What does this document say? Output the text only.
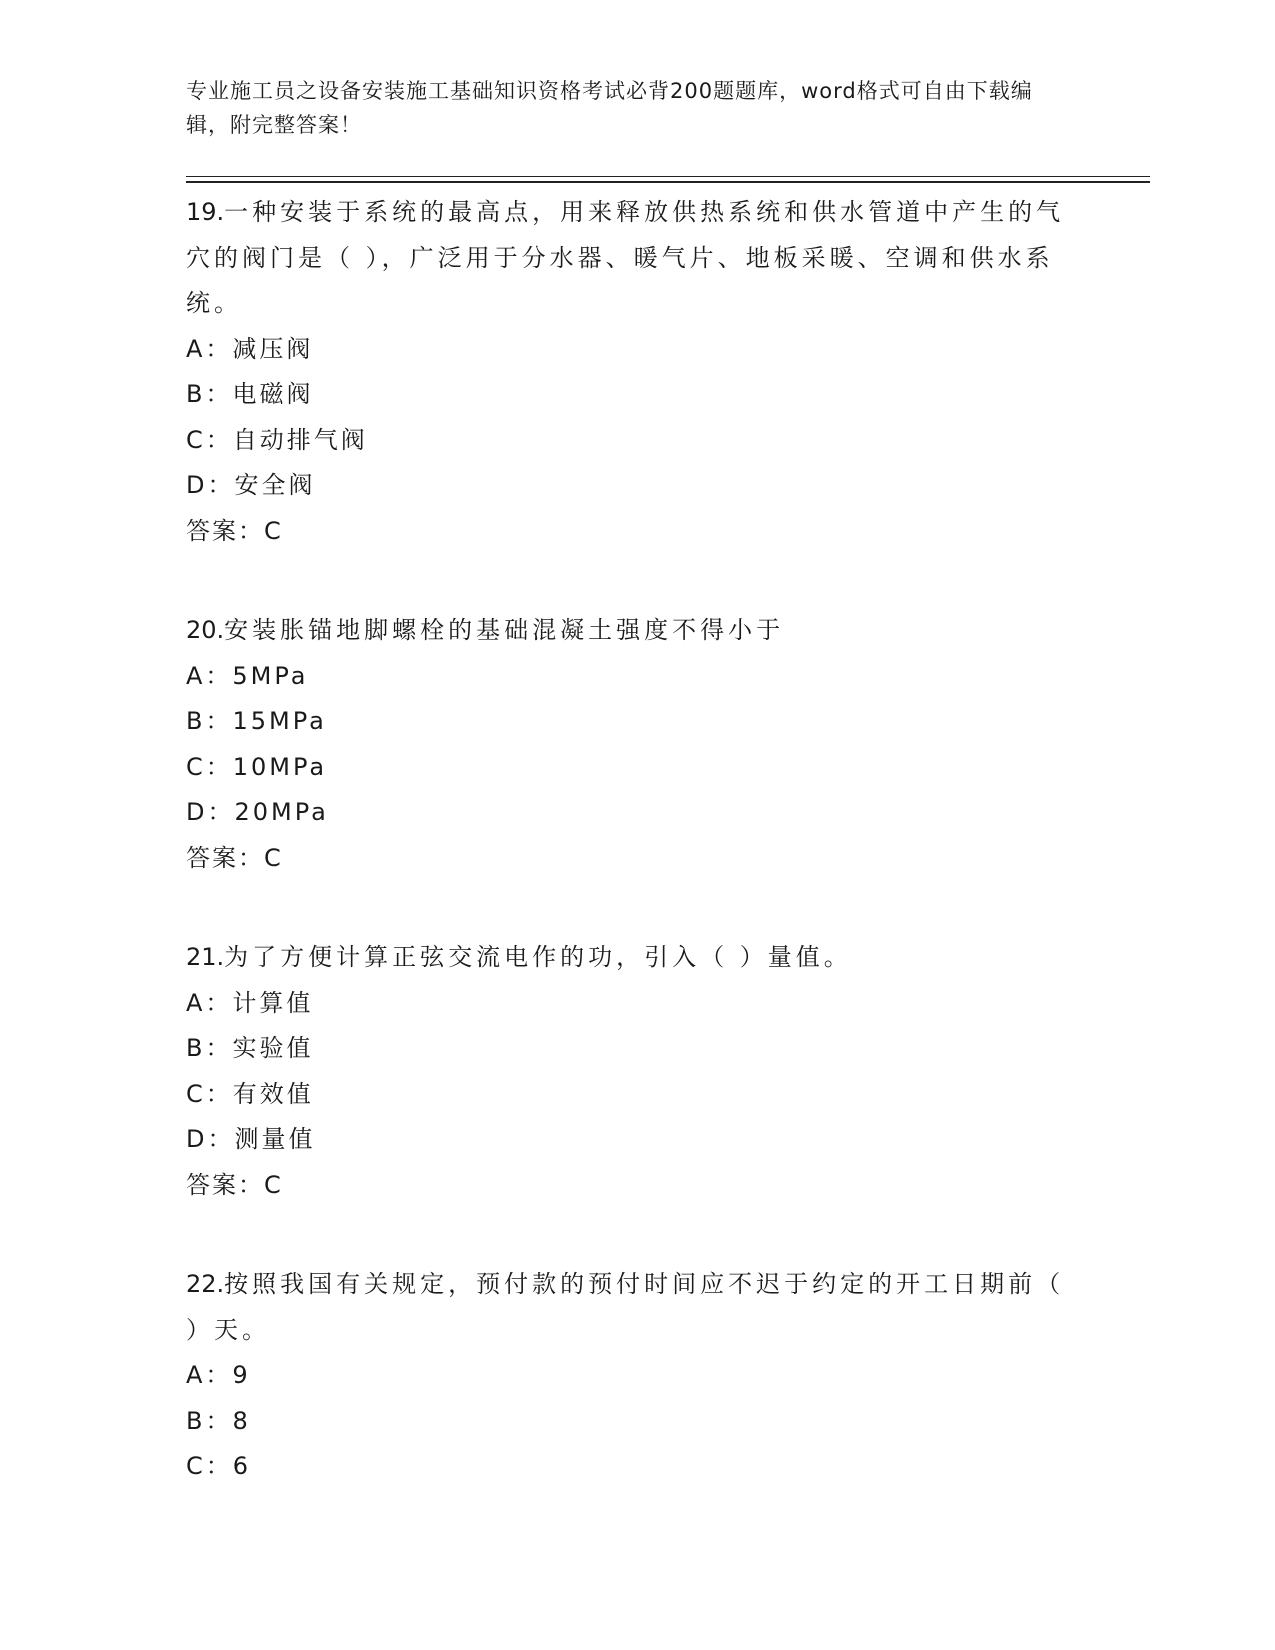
专业施工员之设备安装施工基础知识资格考试必背200题题库，word格式可自由下载编辑，附完整答案！

19.一种安装于系统的最高点，用来释放供热系统和供水管道中产生的气穴的阀门是（ ），广泛用于分水器、暖气片、地板采暖、空调和供水系统。

A：减压阀

B：电磁阀

C：自动排气阀

D：安全阀

答案：C

20.安装胀锚地脚螺栓的基础混凝土强度不得小于

A：5MPa

B：15MPa

C：10MPa

D：20MPa

答案：C

21.为了方便计算正弦交流电作的功，引入（ ）量值。

A：计算值

B：实验值

C：有效值

D：测量值

答案：C

22.按照我国有关规定，预付款的预付时间应不迟于约定的开工日期前（ ）天。

A：9

B：8

C：6
